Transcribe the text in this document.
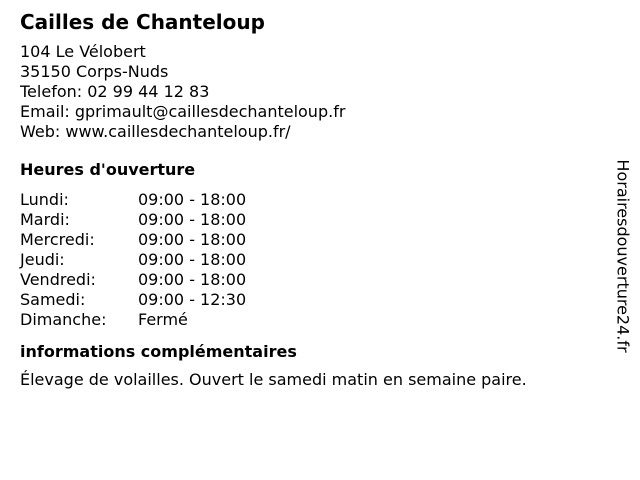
Cailles de Chanteloup
104 Le Vélobert
35150 Corps-Nuds
Telefon: 02 99 44 12 83
Email: gprimault@caillesdechanteloup.fr
Web: www.caillesdechanteloup.fr/
Heures d'ouverture
Lundi:	09:00 - 18:00
Mardi:	09:00 - 18:00
Mercredi:	09:00 - 18:00
Jeudi:	09:00 - 18:00
Vendredi:	09:00 - 18:00
Samedi:	09:00 - 12:30
Dimanche: Fermé
informations complémentaires
Élevage de volailles. Ouvert le samedi matin en semaine paire.
Horairesdouverture24.fr
